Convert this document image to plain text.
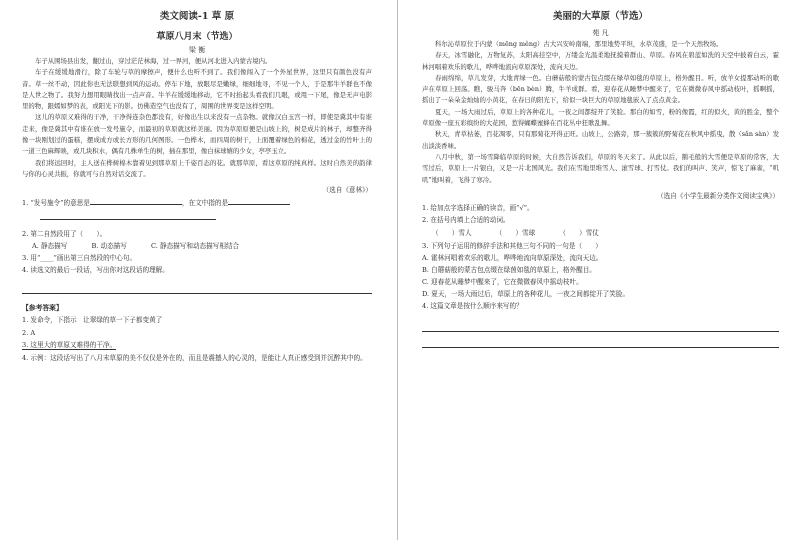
类文阅读-1 草 原
草原八月末（节选）
梁 衡

车子从围场县出发，翻过山，穿过茫茫林海，过一界河，便从河北进入内蒙古境内。

车子在缓缓地滑行，除了车轮与草的摩擦声，便什么也听不到了。我们像闯入了一个外星世界，这里只有颜色没有声音。草一丝不动，因此你也无法联想到风的运动。停车下地，放眼尽是嫩绿，细细地寻，不见一个人，于是那牛羊群也不像是人世之物了。我努力想用眼睛找出一点声音。牛羊在缓缓地移动，它不时抬起头看我们几眼，或甩一下尾，像是无声电影里的物，跟嫣如梦的表，或阳光下的影。仿佛造空气也没有了，周围的世界变是这样空明。

这儿的草原又难得的干净，干净得连杂色都没有，好像出生以来没有一点杂物。就像汉白玉宫一样，即使是冀其中有谁走来，像是冀其中有谁在放一发号施令，而最初的草原就这样美丽。因为草原原便是山坡上的，树是成片的林子，却整齐得像一块刚划过的蛋糕，摆成成方或长方形的几何图形。一色桦木，而四周的树干，上面覆着绿色的棉花，透过金的竹叶上的一道三色麻辉映，或几块积水，偶有几株单生的树，插在那里，像白袜球嬉的少女，亭亭玉立。

我们将远回时，主人送在桦树棉木靠着见到那草原上千姿百态的花。就那草原，看这草原的纯真样。这时自然美的韵律与你的心灵共振，你就可与自然对话交流了。

（选自《意林》）

1. “发号施令”的意思是	，在文中指的是

2. 第二自然段用了（　　）。

A. 静态描写	B. 动态描写	C. 静态描写和动态描写相结合

3. 用“____”画出第三自然段的中心句。

4. 读选文的最后一段话，写出你对这段话的理解。

【参考答案】

1. 发命令，下指示　让翠绿的草一下子都变黄了

2. A

3. 这里大的草原又难得的干净。

4. 示例：这段话写出了八月末草原的美不仅仅是外在的，而且是震撼人的心灵的，是能让人真正感受到并沉醉其中的。

美丽的大草原（节选）
苑 凡

科尔沁草原位于内蒙（mēng měng）古大兴安岭南端，那里地势平坦，水草茂盛，是一个天然牧场。

春天，冰雪融化，万物复苏，太阳高挂空中，万缕金光温柔地抚摸着群山、草原。春风在碧蓝如洗的天空中披着白云，霍林河唱着欢乐的歌儿，哗哗地流向草原深处，流向天边。

春雨绵绵，草儿发芽，大地青绿一色。白蘑菇般的蒙古包点缀在绿草如毯的草原上，格外醒目。听，放羊女提那动听的歌声在草原上回荡。瞧，骏马奔（bēn bèn）腾，牛羊成群。看，迎春花从睡梦中醒来了，它在微微春风中摇动枝叶，摇啊摇，摇出了一朵朵金灿灿的小黄花，在春日的阳光下，给似一块巨大的草原地毯嵌入了点点黄金。

夏天，一场大雨过后，草原上的各种花儿，一夜之间都绽开了笑脸。那白的如雪，粉的像霞，红的似火，黄的胜金，整个草原像一座五彩缤纷的大花园，惹得蝴蝶蜜蜂在百花丛中狂歌乱舞。

秋天，青草枯萎，百花凋零，只有那菊花开得正旺。山坡上，公路旁，那一簇簇的野菊花在秋风中摇曳，散（sǎn sàn）发出淡淡香味。

八月中秋，第一场雪降临草原的时候，大自然告诉我们，草原的冬天来了。从此以后，鹅毛般的大雪便是草原的常客，大雪过后，草原上一片银白，又是一片北国风光。我们在雪地里堆雪人、滚雪球、打雪仗。我们的叫声、笑声，惊飞了麻雀，“叽叽”地叫着，飞得了寒冷。

（选自《小学生最新分类作文阅读宝典》）

1. 给加点字选择正确的读音，画“√”。

2. 在括号内填上合适的动词。

（　　）雪人	（　　）雪球	（　　）雪仗

3. 下列句子运用的修辞手法和其他三句不同的一句是（　　）

A. 霍林河唱着欢乐的歌儿，哗哗地流向草原深处，流向天边。

B. 白蘑菇般的蒙古包点缀在绿茵如毯的草原上，格外醒目。

C. 迎春花从睡梦中醒来了，它在微微春风中摇动枝叶。

D. 夏天，一场大雨过后，草原上的各种花儿，一夜之间都绽开了笑脸。

4. 这篇文章是按什么顺序来写的？
